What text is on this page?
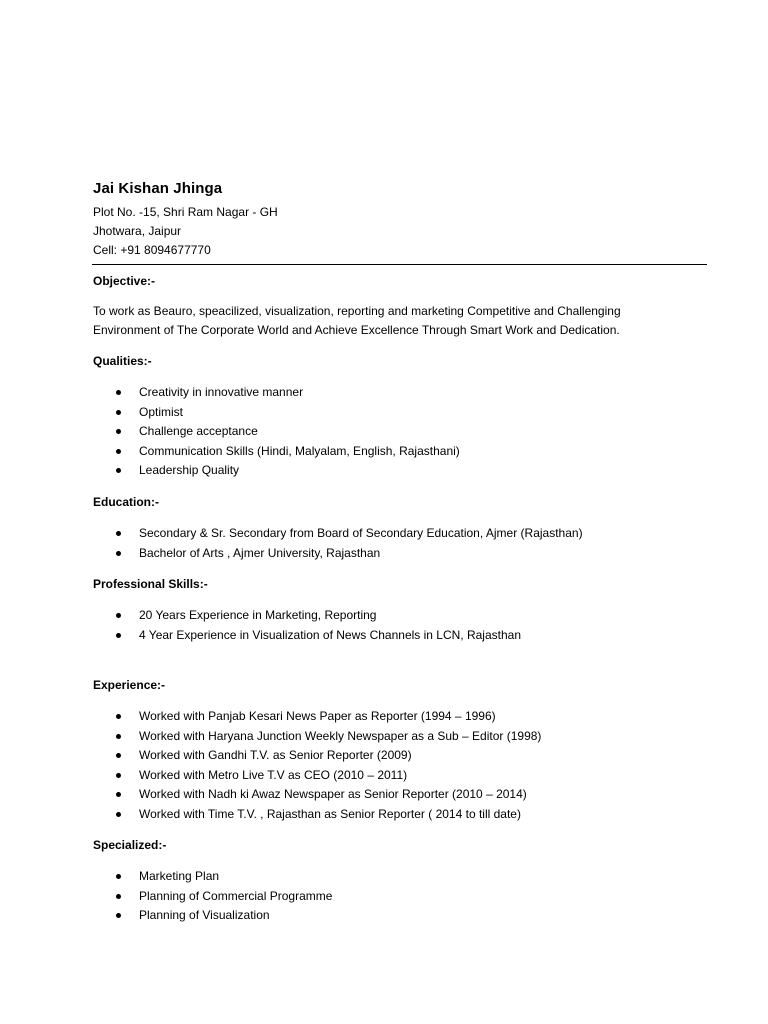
Jai Kishan Jhinga
Plot No. -15, Shri Ram Nagar - GH
Jhotwara, Jaipur
Cell: +91 8094677770
Objective:-
To work as Beauro, speacilized, visualization, reporting and marketing Competitive and Challenging
Environment of The Corporate World and Achieve Excellence Through Smart Work and Dedication.
Qualities:-
Creativity in innovative manner
Optimist
Challenge acceptance
Communication Skills (Hindi, Malyalam, English, Rajasthani)
Leadership Quality
Education:-
Secondary & Sr. Secondary from Board of Secondary Education, Ajmer (Rajasthan)
Bachelor of Arts , Ajmer University, Rajasthan
Professional Skills:-
20 Years Experience in Marketing, Reporting
4 Year Experience in Visualization of News Channels in LCN, Rajasthan
Experience:-
Worked with Panjab Kesari News Paper as Reporter (1994 – 1996)
Worked with Haryana Junction Weekly Newspaper as a Sub – Editor (1998)
Worked with Gandhi T.V. as Senior Reporter (2009)
Worked with Metro Live T.V as CEO (2010 – 2011)
Worked with Nadh ki Awaz Newspaper as Senior Reporter (2010 – 2014)
Worked with Time T.V. , Rajasthan as Senior Reporter ( 2014 to till date)
Specialized:-
Marketing Plan
Planning of Commercial Programme
Planning of Visualization
